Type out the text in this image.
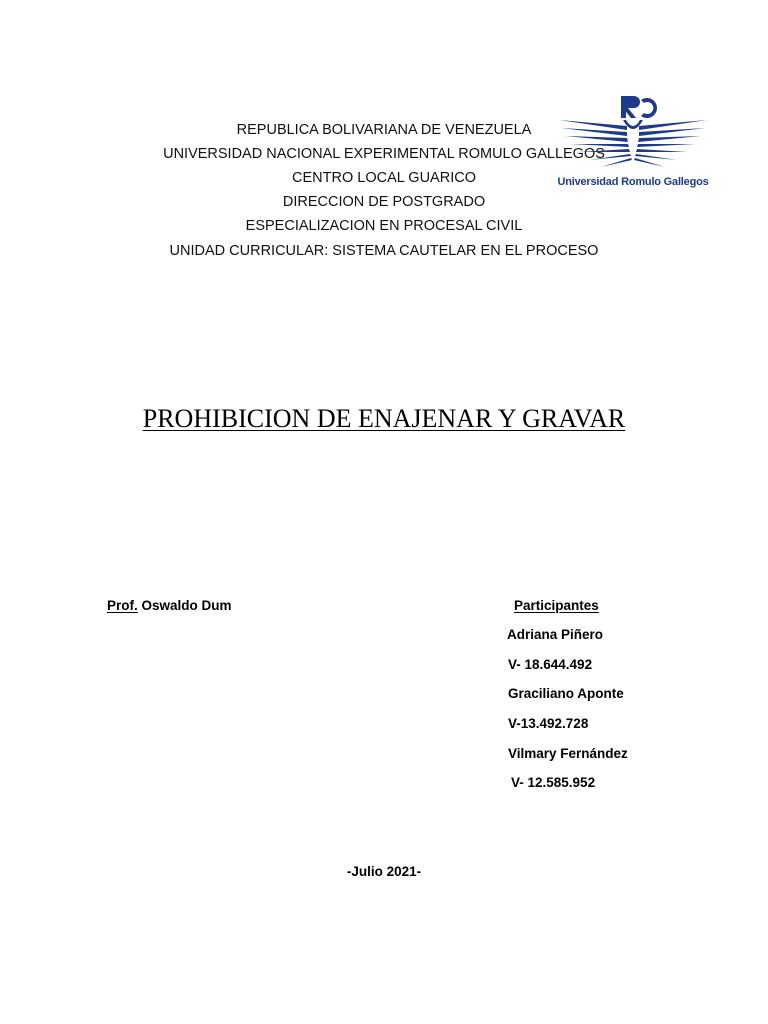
REPUBLICA BOLIVARIANA DE VENEZUELA
UNIVERSIDAD NACIONAL EXPERIMENTAL ROMULO GALLEGOS
CENTRO LOCAL GUARICO
DIRECCION DE POSTGRADO
ESPECIALIZACION EN PROCESAL CIVIL
UNIDAD CURRICULAR: SISTEMA CAUTELAR EN EL PROCESO
Universidad Romulo Gallegos
PROHIBICION DE ENAJENAR Y GRAVAR
Prof. Oswaldo Dum	Participantes
Adriana Piñero
V- 18.644.492
Graciliano Aponte
V-13.492.728
Vilmary Fernández
V- 12.585.952
-Julio 2021-
